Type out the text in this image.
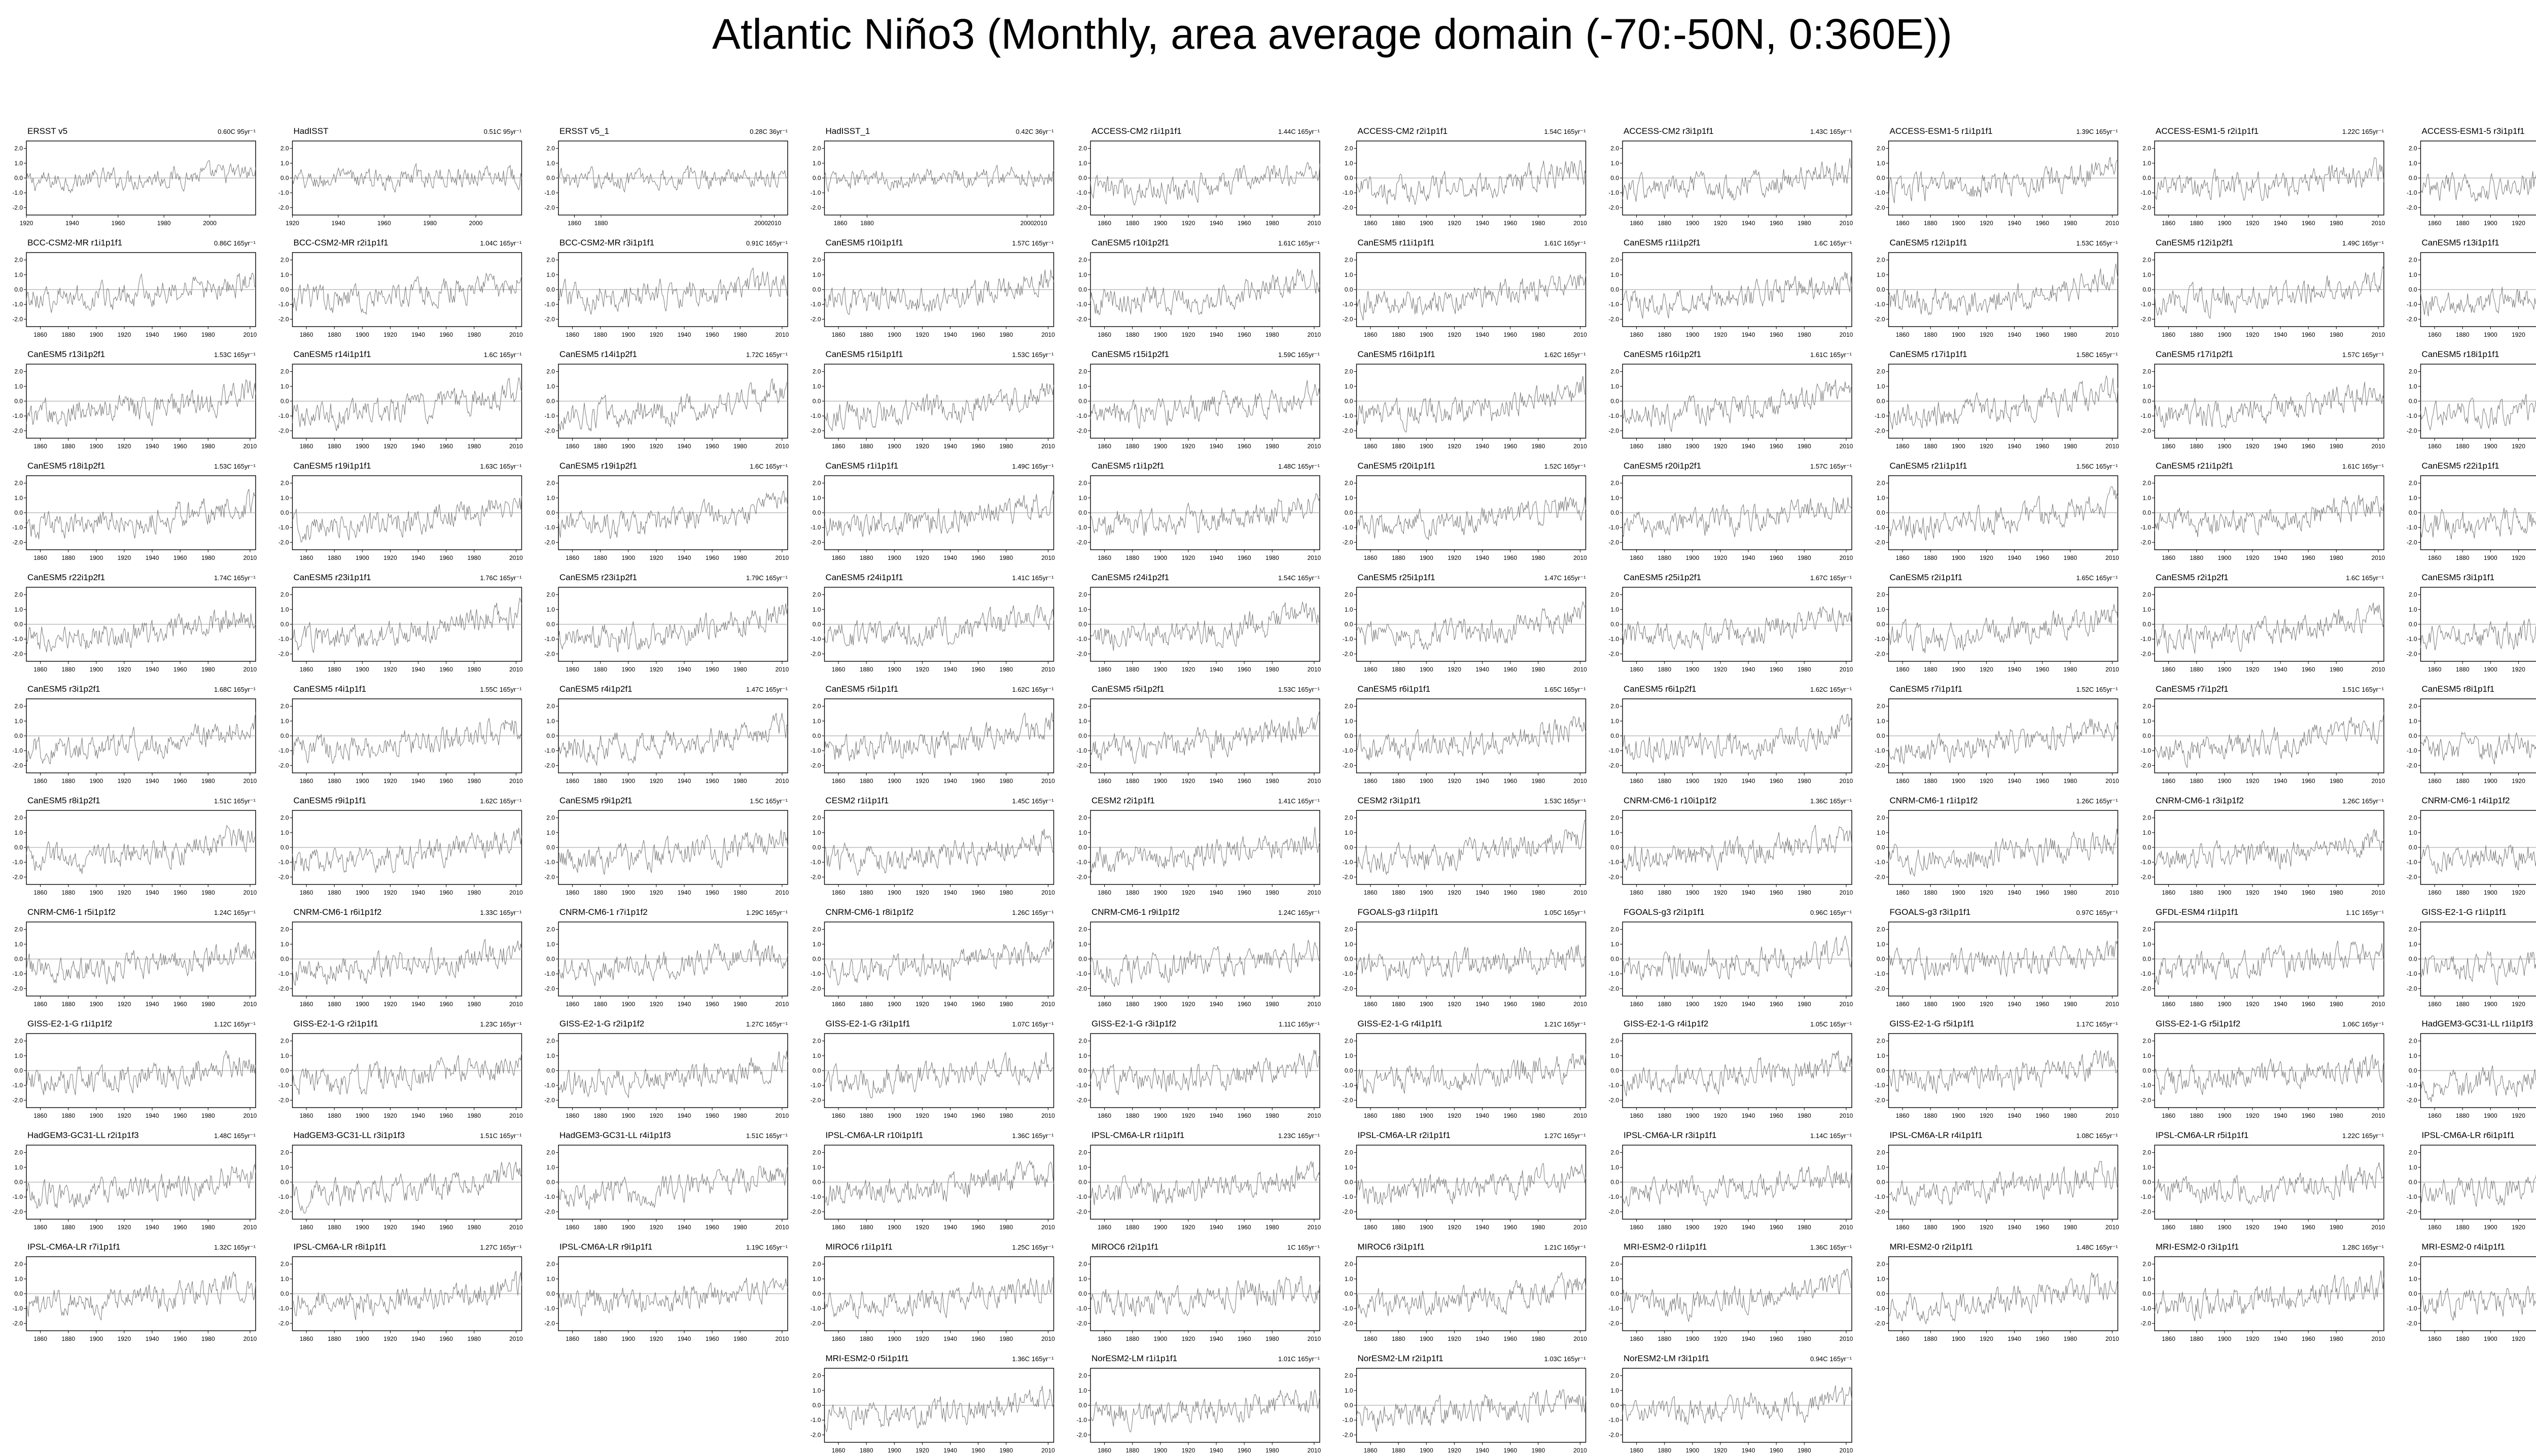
Atlantic Niño3 (Monthly, area average domain (-70:-50N, 0:360E))
ERSST v5	0.60C 95yr⁻¹
2.0
1.0
0.0
-1.0
-2.0
1920	1940	1960	1980	2000
HadISST	0.51C 95yr⁻¹
2.0
1.0
0.0
-1.0
-2.0
1920	1940	1960	1980	2000
ERSST v5_1	0.28C 36yr⁻¹
2.0
1.0
0.0
-1.0
-2.0
1860 1880	2000 2010
HadISST_1	0.42C 36yr⁻¹
2.0
1.0
0.0
-1.0
-2.0
1860 1880	2000 2010
ACCESS-CM2 r1i1p1f1	1.44C 165yr⁻¹
2.0
1.0
0.0
-1.0
-2.0
1860 1880 1900 1920 1940 1960 1980	2010
ACCESS-CM2 r2i1p1f1	1.54C 165yr⁻¹
2.0
1.0
0.0
-1.0
-2.0
1860 1880 1900 1920 1940 1960 1980	2010
ACCESS-CM2 r3i1p1f1	1.43C 165yr⁻¹
2.0
1.0
0.0
-1.0
-2.0
1860 1880 1900 1920 1940 1960 1980	2010
ACCESS-ESM1-5 r1i1p1f1	1.39C 165yr⁻¹
2.0
1.0
0.0
-1.0
-2.0
1860 1880 1900 1920 1940 1960 1980	2010
ACCESS-ESM1-5 r2i1p1f1	1.22C 165yr⁻¹
2.0
1.0
0.0
-1.0
-2.0
1860 1880 1900 1920 1940 1960 1980	2010
ACCESS-ESM1-5 r3i1p1f1
2.0
1.0
0.0
-1.0
-2.0
1860 1880 1900 1920
BCC-CSM2-MR r1i1p1f1	0.86C 165yr⁻¹
2.0
1.0
0.0
-1.0
-2.0
1860 1880 1900 1920 1940 1960 1980	2010
BCC-CSM2-MR r2i1p1f1	1.04C 165yr⁻¹
2.0
1.0
0.0
-1.0
-2.0
1860 1880 1900 1920 1940 1960 1980	2010
BCC-CSM2-MR r3i1p1f1	0.91C 165yr⁻¹
2.0
1.0
0.0
-1.0
-2.0
1860 1880 1900 1920 1940 1960 1980	2010
CanESM5 r10i1p1f1	1.57C 165yr⁻¹
2.0
1.0
0.0
-1.0
-2.0
1860 1880 1900 1920 1940 1960 1980	2010
CanESM5 r10i1p2f1	1.61C 165yr⁻¹
2.0
1.0
0.0
-1.0
-2.0
1860 1880 1900 1920 1940 1960 1980	2010
CanESM5 r11i1p1f1	1.61C 165yr⁻¹
2.0
1.0
0.0
-1.0
-2.0
1860 1880 1900 1920 1940 1960 1980	2010
CanESM5 r11i1p2f1	1.6C 165yr⁻¹
2.0
1.0
0.0
-1.0
-2.0
1860 1880 1900 1920 1940 1960 1980	2010
CanESM5 r12i1p1f1	1.53C 165yr⁻¹
2.0
1.0
0.0
-1.0
-2.0
1860 1880 1900 1920 1940 1960 1980	2010
CanESM5 r12i1p2f1	1.49C 165yr⁻¹
2.0
1.0
0.0
-1.0
-2.0
1860 1880 1900 1920 1940 1960 1980	2010
CanESM5 r13i1p1f1
2.0
1.0
0.0
-1.0
-2.0
1860 1880 1900 1920
CanESM5 r13i1p2f1	1.53C 165yr⁻¹
2.0
1.0
0.0
-1.0
-2.0
1860 1880 1900 1920 1940 1960 1980	2010
CanESM5 r14i1p1f1	1.6C 165yr⁻¹
2.0
1.0
0.0
-1.0
-2.0
1860 1880 1900 1920 1940 1960 1980	2010
CanESM5 r14i1p2f1	1.72C 165yr⁻¹
2.0
1.0
0.0
-1.0
-2.0
1860 1880 1900 1920 1940 1960 1980	2010
CanESM5 r15i1p1f1	1.53C 165yr⁻¹
2.0
1.0
0.0
-1.0
-2.0
1860 1880 1900 1920 1940 1960 1980	2010
CanESM5 r15i1p2f1	1.59C 165yr⁻¹
2.0
1.0
0.0
-1.0
-2.0
1860 1880 1900 1920 1940 1960 1980	2010
CanESM5 r16i1p1f1	1.62C 165yr⁻¹
2.0
1.0
0.0
-1.0
-2.0
1860 1880 1900 1920 1940 1960 1980	2010
CanESM5 r16i1p2f1	1.61C 165yr⁻¹
2.0
1.0
0.0
-1.0
-2.0
1860 1880 1900 1920 1940 1960 1980	2010
CanESM5 r17i1p1f1	1.58C 165yr⁻¹
2.0
1.0
0.0
-1.0
-2.0
1860 1880 1900 1920 1940 1960 1980	2010
CanESM5 r17i1p2f1	1.57C 165yr⁻¹
2.0
1.0
0.0
-1.0
-2.0
1860 1880 1900 1920 1940 1960 1980	2010
CanESM5 r18i1p1f1
2.0
1.0
0.0
-1.0
-2.0
1860 1880 1900 1920
CanESM5 r18i1p2f1	1.53C 165yr⁻¹
2.0
1.0
0.0
-1.0
-2.0
1860 1880 1900 1920 1940 1960 1980	2010
CanESM5 r19i1p1f1	1.63C 165yr⁻¹
2.0
1.0
0.0
-1.0
-2.0
1860 1880 1900 1920 1940 1960 1980	2010
CanESM5 r19i1p2f1	1.6C 165yr⁻¹
2.0
1.0
0.0
-1.0
-2.0
1860 1880 1900 1920 1940 1960 1980	2010
CanESM5 r1i1p1f1	1.49C 165yr⁻¹
2.0
1.0
0.0
-1.0
-2.0
1860 1880 1900 1920 1940 1960 1980	2010
CanESM5 r1i1p2f1	1.48C 165yr⁻¹
2.0
1.0
0.0
-1.0
-2.0
1860 1880 1900 1920 1940 1960 1980	2010
CanESM5 r20i1p1f1	1.52C 165yr⁻¹
2.0
1.0
0.0
-1.0
-2.0
1860 1880 1900 1920 1940 1960 1980	2010
CanESM5 r20i1p2f1	1.57C 165yr⁻¹
2.0
1.0
0.0
-1.0
-2.0
1860 1880 1900 1920 1940 1960 1980	2010
CanESM5 r21i1p1f1	1.56C 165yr⁻¹
2.0
1.0
0.0
-1.0
-2.0
1860 1880 1900 1920 1940 1960 1980	2010
CanESM5 r21i1p2f1	1.61C 165yr⁻¹
2.0
1.0
0.0
-1.0
-2.0
1860 1880 1900 1920 1940 1960 1980	2010
CanESM5 r22i1p1f1
2.0
1.0
0.0
-1.0
-2.0
1860 1880 1900 1920
CanESM5 r22i1p2f1	1.74C 165yr⁻¹
2.0
1.0
0.0
-1.0
-2.0
1860 1880 1900 1920 1940 1960 1980	2010
CanESM5 r23i1p1f1	1.76C 165yr⁻¹
2.0
1.0
0.0
-1.0
-2.0
1860 1880 1900 1920 1940 1960 1980	2010
CanESM5 r23i1p2f1	1.79C 165yr⁻¹
2.0
1.0
0.0
-1.0
-2.0
1860 1880 1900 1920 1940 1960 1980	2010
CanESM5 r24i1p1f1	1.41C 165yr⁻¹
2.0
1.0
0.0
-1.0
-2.0
1860 1880 1900 1920 1940 1960 1980	2010
CanESM5 r24i1p2f1	1.54C 165yr⁻¹
2.0
1.0
0.0
-1.0
-2.0
1860 1880 1900 1920 1940 1960 1980	2010
CanESM5 r25i1p1f1	1.47C 165yr⁻¹
2.0
1.0
0.0
-1.0
-2.0
1860 1880 1900 1920 1940 1960 1980	2010
CanESM5 r25i1p2f1	1.67C 165yr⁻¹
2.0
1.0
0.0
-1.0
-2.0
1860 1880 1900 1920 1940 1960 1980	2010
CanESM5 r2i1p1f1	1.65C 165yr⁻¹
2.0
1.0
0.0
-1.0
-2.0
1860 1880 1900 1920 1940 1960 1980	2010
CanESM5 r2i1p2f1	1.6C 165yr⁻¹
2.0
1.0
0.0
-1.0
-2.0
1860 1880 1900 1920 1940 1960 1980	2010
CanESM5 r3i1p1f1
2.0
1.0
0.0
-1.0
-2.0
1860 1880 1900 1920
CanESM5 r3i1p2f1	1.68C 165yr⁻¹
2.0
1.0
0.0
-1.0
-2.0
1860 1880 1900 1920 1940 1960 1980	2010
CanESM5 r4i1p1f1	1.55C 165yr⁻¹
2.0
1.0
0.0
-1.0
-2.0
1860 1880 1900 1920 1940 1960 1980	2010
CanESM5 r4i1p2f1	1.47C 165yr⁻¹
2.0
1.0
0.0
-1.0
-2.0
1860 1880 1900 1920 1940 1960 1980	2010
CanESM5 r5i1p1f1	1.62C 165yr⁻¹
2.0
1.0
0.0
-1.0
-2.0
1860 1880 1900 1920 1940 1960 1980	2010
CanESM5 r5i1p2f1	1.53C 165yr⁻¹
2.0
1.0
0.0
-1.0
-2.0
1860 1880 1900 1920 1940 1960 1980	2010
CanESM5 r6i1p1f1	1.65C 165yr⁻¹
2.0
1.0
0.0
-1.0
-2.0
1860 1880 1900 1920 1940 1960 1980	2010
CanESM5 r6i1p2f1	1.62C 165yr⁻¹
2.0
1.0
0.0
-1.0
-2.0
1860 1880 1900 1920 1940 1960 1980	2010
CanESM5 r7i1p1f1	1.52C 165yr⁻¹
2.0
1.0
0.0
-1.0
-2.0
1860 1880 1900 1920 1940 1960 1980	2010
CanESM5 r7i1p2f1	1.51C 165yr⁻¹
2.0
1.0
0.0
-1.0
-2.0
1860 1880 1900 1920 1940 1960 1980	2010
CanESM5 r8i1p1f1
2.0
1.0
0.0
-1.0
-2.0
1860 1880 1900 1920
CanESM5 r8i1p2f1	1.51C 165yr⁻¹
2.0
1.0
0.0
-1.0
-2.0
1860 1880 1900 1920 1940 1960 1980	2010
CanESM5 r9i1p1f1	1.62C 165yr⁻¹
2.0
1.0
0.0
-1.0
-2.0
1860 1880 1900 1920 1940 1960 1980	2010
CanESM5 r9i1p2f1	1.5C 165yr⁻¹
2.0
1.0
0.0
-1.0
-2.0
1860 1880 1900 1920 1940 1960 1980	2010
CESM2 r1i1p1f1	1.45C 165yr⁻¹
2.0
1.0
0.0
-1.0
-2.0
1860 1880 1900 1920 1940 1960 1980	2010
CESM2 r2i1p1f1	1.41C 165yr⁻¹
2.0
1.0
0.0
-1.0
-2.0
1860 1880 1900 1920 1940 1960 1980	2010
CESM2 r3i1p1f1	1.53C 165yr⁻¹
2.0
1.0
0.0
-1.0
-2.0
1860 1880 1900 1920 1940 1960 1980	2010
CNRM-CM6-1 r10i1p1f2	1.36C 165yr⁻¹
2.0
1.0
0.0
-1.0
-2.0
1860 1880 1900 1920 1940 1960 1980	2010
CNRM-CM6-1 r1i1p1f2	1.26C 165yr⁻¹
2.0
1.0
0.0
-1.0
-2.0
1860 1880 1900 1920 1940 1960 1980	2010
CNRM-CM6-1 r3i1p1f2	1.26C 165yr⁻¹
2.0
1.0
0.0
-1.0
-2.0
1860 1880 1900 1920 1940 1960 1980	2010
CNRM-CM6-1 r4i1p1f2
2.0
1.0
0.0
-1.0
-2.0
1860 1880 1900 1920
CNRM-CM6-1 r5i1p1f2	1.24C 165yr⁻¹
2.0
1.0
0.0
-1.0
-2.0
1860 1880 1900 1920 1940 1960 1980	2010
CNRM-CM6-1 r6i1p1f2	1.33C 165yr⁻¹
2.0
1.0
0.0
-1.0
-2.0
1860 1880 1900 1920 1940 1960 1980	2010
CNRM-CM6-1 r7i1p1f2	1.29C 165yr⁻¹
2.0
1.0
0.0
-1.0
-2.0
1860 1880 1900 1920 1940 1960 1980	2010
CNRM-CM6-1 r8i1p1f2	1.26C 165yr⁻¹
2.0
1.0
0.0
-1.0
-2.0
1860 1880 1900 1920 1940 1960 1980	2010
CNRM-CM6-1 r9i1p1f2	1.24C 165yr⁻¹
2.0
1.0
0.0
-1.0
-2.0
1860 1880 1900 1920 1940 1960 1980	2010
FGOALS-g3 r1i1p1f1	1.05C 165yr⁻¹
2.0
1.0
0.0
-1.0
-2.0
1860 1880 1900 1920 1940 1960 1980	2010
FGOALS-g3 r2i1p1f1	0.96C 165yr⁻¹
2.0
1.0
0.0
-1.0
-2.0
1860 1880 1900 1920 1940 1960 1980	2010
FGOALS-g3 r3i1p1f1	0.97C 165yr⁻¹
2.0
1.0
0.0
-1.0
-2.0
1860 1880 1900 1920 1940 1960 1980	2010
GFDL-ESM4 r1i1p1f1	1.1C 165yr⁻¹
2.0
1.0
0.0
-1.0
-2.0
1860 1880 1900 1920 1940 1960 1980	2010
GISS-E2-1-G r1i1p1f1
2.0
1.0
0.0
-1.0
-2.0
1860 1880 1900 1920
GISS-E2-1-G r1i1p1f2	1.12C 165yr⁻¹
2.0
1.0
0.0
-1.0
-2.0
1860 1880 1900 1920 1940 1960 1980	2010
GISS-E2-1-G r2i1p1f1	1.23C 165yr⁻¹
2.0
1.0
0.0
-1.0
-2.0
1860 1880 1900 1920 1940 1960 1980	2010
GISS-E2-1-G r2i1p1f2	1.27C 165yr⁻¹
2.0
1.0
0.0
-1.0
-2.0
1860 1880 1900 1920 1940 1960 1980	2010
GISS-E2-1-G r3i1p1f1	1.07C 165yr⁻¹
2.0
1.0
0.0
-1.0
-2.0
1860 1880 1900 1920 1940 1960 1980	2010
GISS-E2-1-G r3i1p1f2	1.11C 165yr⁻¹
2.0
1.0
0.0
-1.0
-2.0
1860 1880 1900 1920 1940 1960 1980	2010
GISS-E2-1-G r4i1p1f1	1.21C 165yr⁻¹
2.0
1.0
0.0
-1.0
-2.0
1860 1880 1900 1920 1940 1960 1980	2010
GISS-E2-1-G r4i1p1f2	1.05C 165yr⁻¹
2.0
1.0
0.0
-1.0
-2.0
1860 1880 1900 1920 1940 1960 1980	2010
GISS-E2-1-G r5i1p1f1	1.17C 165yr⁻¹
2.0
1.0
0.0
-1.0
-2.0
1860 1880 1900 1920 1940 1960 1980	2010
GISS-E2-1-G r5i1p1f2	1.06C 165yr⁻¹
2.0
1.0
0.0
-1.0
-2.0
1860 1880 1900 1920 1940 1960 1980	2010
HadGEM3-GC31-LL r1i1p1f3
2.0
1.0
0.0
-1.0
-2.0
1860 1880 1900 1920
HadGEM3-GC31-LL r2i1p1f3	1.48C 165yr⁻¹
2.0
1.0
0.0
-1.0
-2.0
1860 1880 1900 1920 1940 1960 1980	2010
HadGEM3-GC31-LL r3i1p1f3	1.51C 165yr⁻¹
2.0
1.0
0.0
-1.0
-2.0
1860 1880 1900 1920 1940 1960 1980	2010
HadGEM3-GC31-LL r4i1p1f3	1.51C 165yr⁻¹
2.0
1.0
0.0
-1.0
-2.0
1860 1880 1900 1920 1940 1960 1980	2010
IPSL-CM6A-LR r10i1p1f1	1.36C 165yr⁻¹
2.0
1.0
0.0
-1.0
-2.0
1860 1880 1900 1920 1940 1960 1980	2010
IPSL-CM6A-LR r1i1p1f1	1.23C 165yr⁻¹
2.0
1.0
0.0
-1.0
-2.0
1860 1880 1900 1920 1940 1960 1980	2010
IPSL-CM6A-LR r2i1p1f1	1.27C 165yr⁻¹
2.0
1.0
0.0
-1.0
-2.0
1860 1880 1900 1920 1940 1960 1980	2010
IPSL-CM6A-LR r3i1p1f1	1.14C 165yr⁻¹
2.0
1.0
0.0
-1.0
-2.0
1860 1880 1900 1920 1940 1960 1980	2010
IPSL-CM6A-LR r4i1p1f1	1.08C 165yr⁻¹
2.0
1.0
0.0
-1.0
-2.0
1860 1880 1900 1920 1940 1960 1980	2010
IPSL-CM6A-LR r5i1p1f1	1.22C 165yr⁻¹
2.0
1.0
0.0
-1.0
-2.0
1860 1880 1900 1920 1940 1960 1980	2010
IPSL-CM6A-LR r6i1p1f1
2.0
1.0
0.0
-1.0
-2.0
1860 1880 1900 1920
IPSL-CM6A-LR r7i1p1f1	1.32C 165yr⁻¹
2.0
1.0
0.0
-1.0
-2.0
1860 1880 1900 1920 1940 1960 1980	2010
IPSL-CM6A-LR r8i1p1f1	1.27C 165yr⁻¹
2.0
1.0
0.0
-1.0
-2.0
1860 1880 1900 1920 1940 1960 1980	2010
IPSL-CM6A-LR r9i1p1f1	1.19C 165yr⁻¹
2.0
1.0
0.0
-1.0
-2.0
1860 1880 1900 1920 1940 1960 1980	2010
MIROC6 r1i1p1f1	1.25C 165yr⁻¹
2.0
1.0
0.0
-1.0
-2.0
1860 1880 1900 1920 1940 1960 1980	2010
MIROC6 r2i1p1f1	1C 165yr⁻¹
2.0
1.0
0.0
-1.0
-2.0
1860 1880 1900 1920 1940 1960 1980	2010
MIROC6 r3i1p1f1	1.21C 165yr⁻¹
2.0
1.0
0.0
-1.0
-2.0
1860 1880 1900 1920 1940 1960 1980	2010
MRI-ESM2-0 r1i1p1f1	1.36C 165yr⁻¹
2.0
1.0
0.0
-1.0
-2.0
1860 1880 1900 1920 1940 1960 1980	2010
MRI-ESM2-0 r2i1p1f1	1.48C 165yr⁻¹
2.0
1.0
0.0
-1.0
-2.0
1860 1880 1900 1920 1940 1960 1980	2010
MRI-ESM2-0 r3i1p1f1	1.28C 165yr⁻¹
2.0
1.0
0.0
-1.0
-2.0
1860 1880 1900 1920 1940 1960 1980	2010
MRI-ESM2-0 r4i1p1f1
2.0
1.0
0.0
-1.0
-2.0
1860 1880 1900 1920
MRI-ESM2-0 r5i1p1f1	1.36C 165yr⁻¹
2.0
1.0
0.0
-1.0
-2.0
1860 1880 1900 1920 1940 1960 1980	2010
NorESM2-LM r1i1p1f1	1.01C 165yr⁻¹
2.0
1.0
0.0
-1.0
-2.0
1860 1880 1900 1920 1940 1960 1980	2010
NorESM2-LM r2i1p1f1	1.03C 165yr⁻¹
2.0
1.0
0.0
-1.0
-2.0
1860 1880 1900 1920 1940 1960 1980	2010
NorESM2-LM r3i1p1f1	0.94C 165yr⁻¹
2.0
1.0
0.0
-1.0
-2.0
1860 1880 1900 1920 1940 1960 1980	2010
